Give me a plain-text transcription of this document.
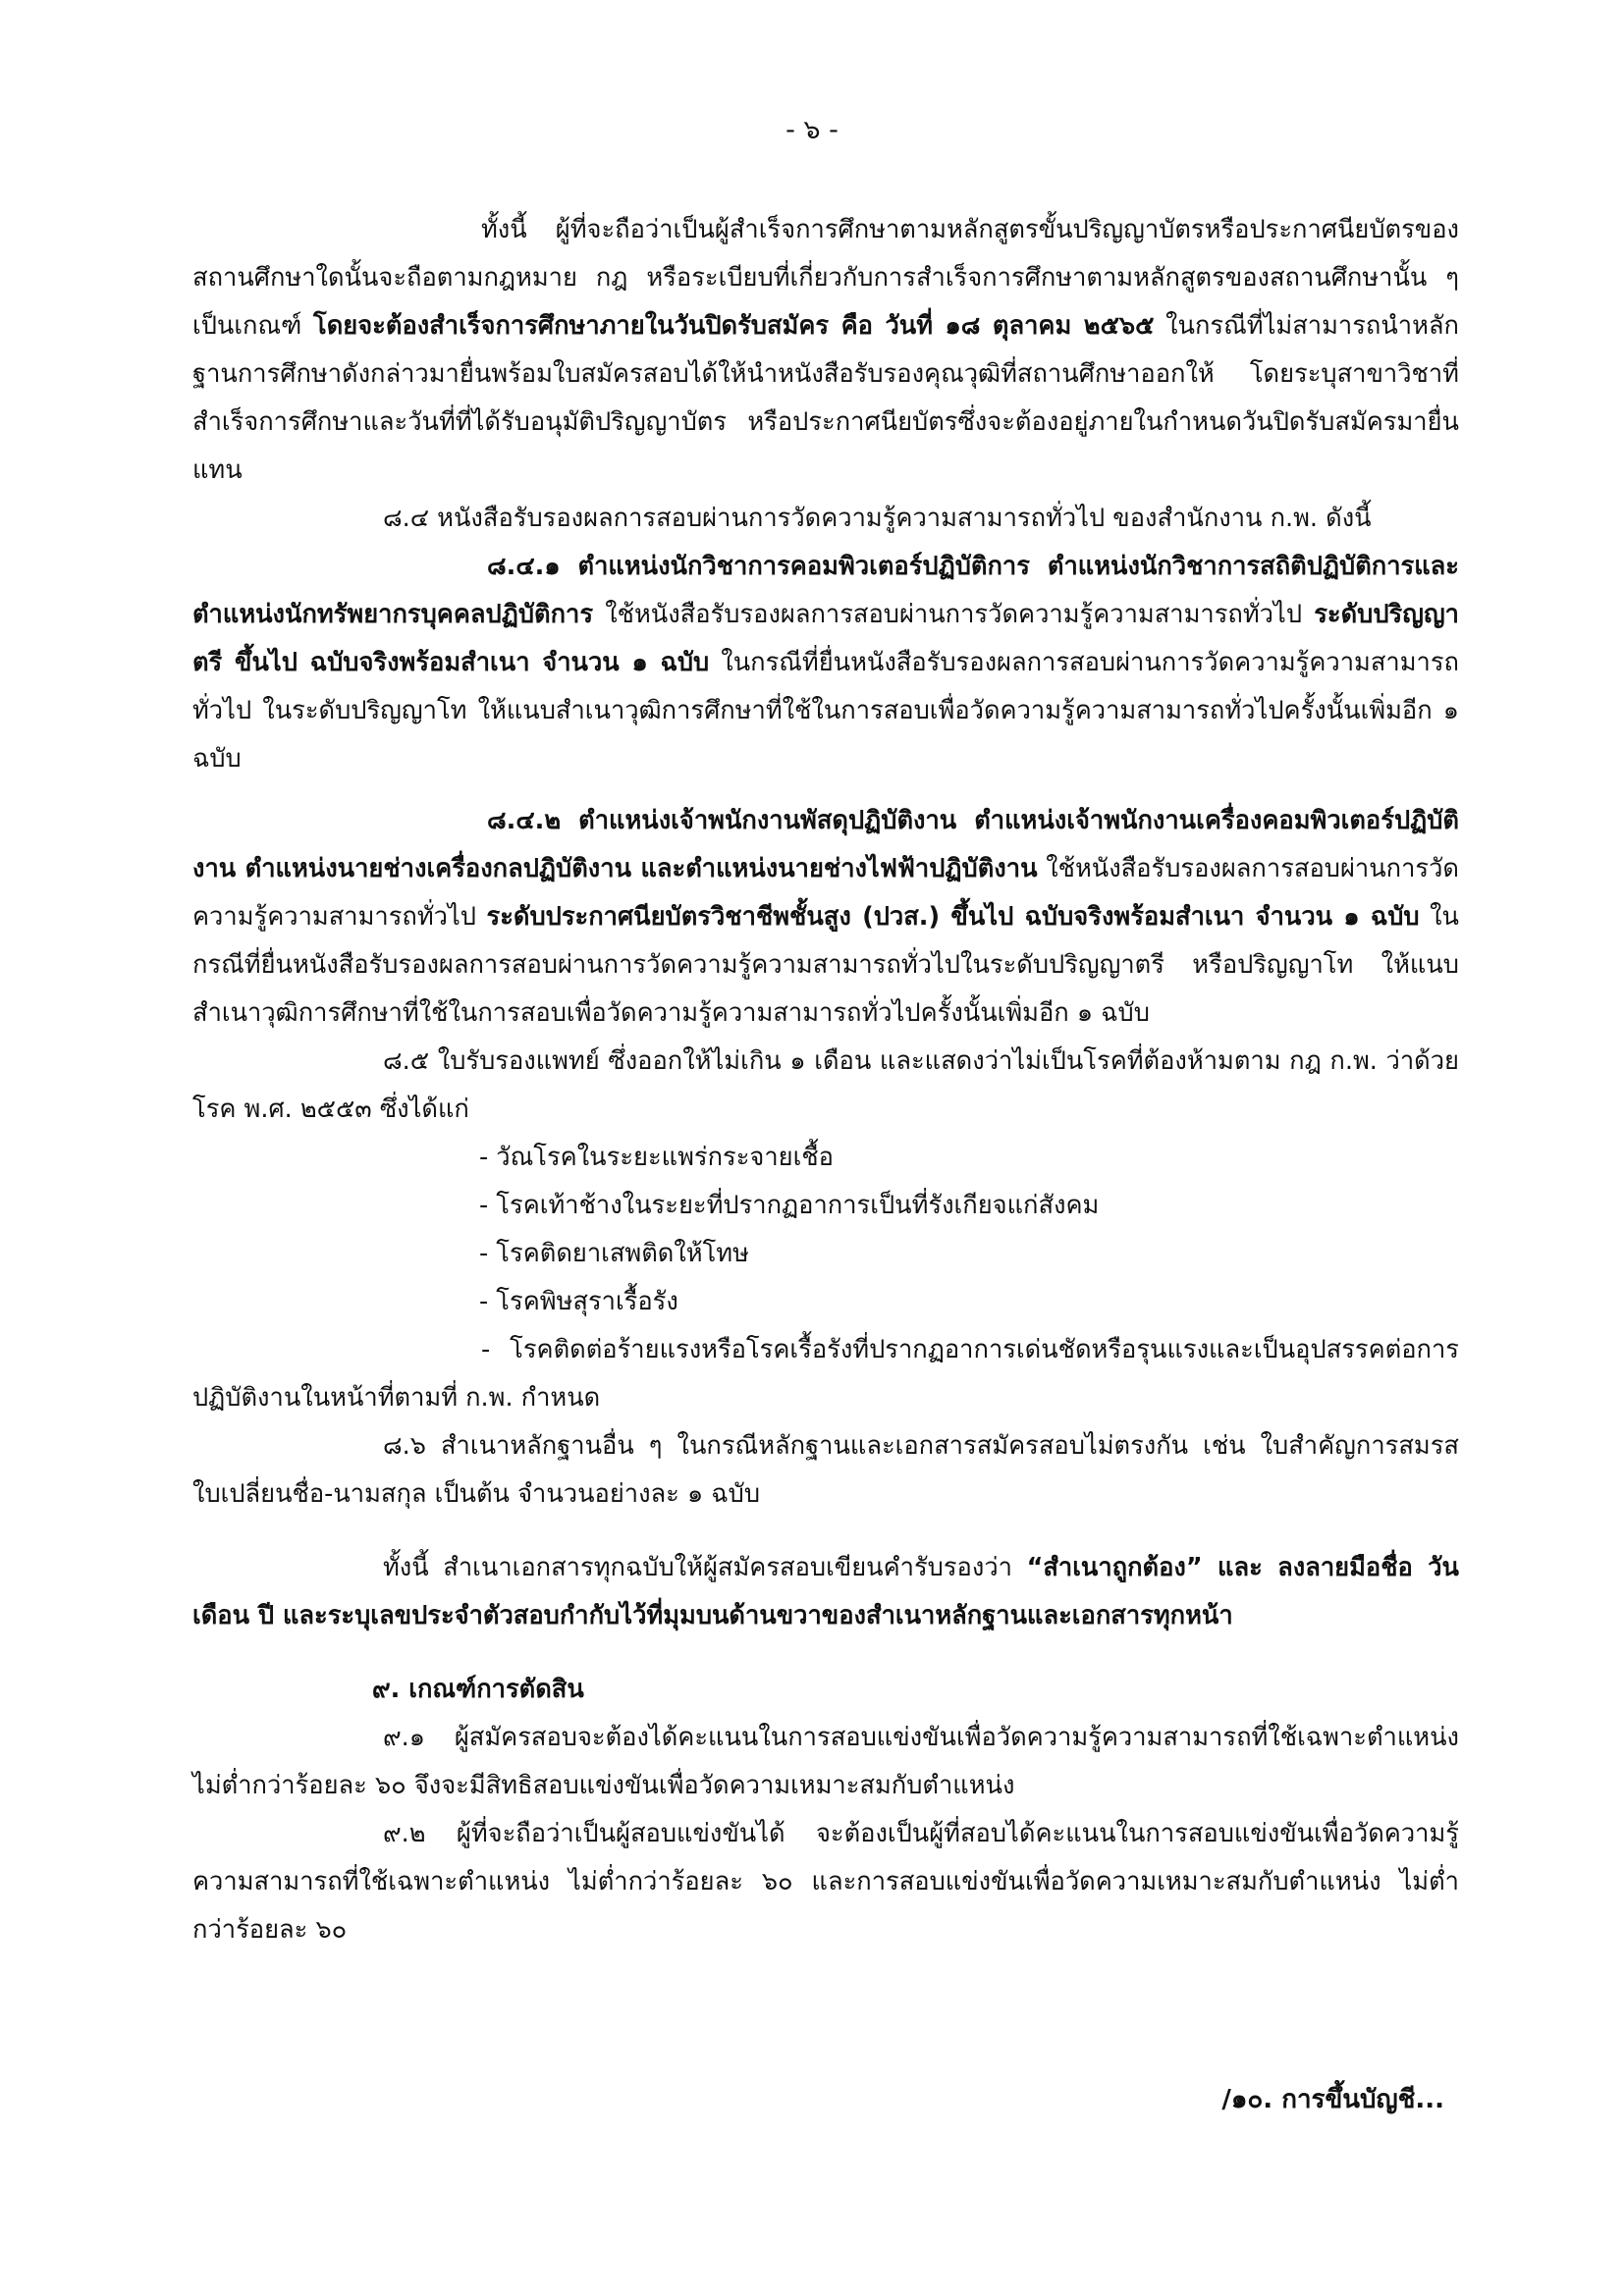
- ๖ -

ทั้งนี้ ผู้ที่จะถือว่าเป็นผู้สำเร็จการศึกษาตามหลักสูตรขั้นปริญญาบัตรหรือประกาศนียบัตรของสถานศึกษาใดนั้นจะถือตามกฎหมาย กฎ หรือระเบียบที่เกี่ยวกับการสำเร็จการศึกษาตามหลักสูตรของสถานศึกษานั้น ๆ เป็นเกณฑ์ โดยจะต้องสำเร็จการศึกษาภายในวันปิดรับสมัคร คือ วันที่ ๑๘ ตุลาคม ๒๕๖๕ ในกรณีที่ไม่สามารถนำหลักฐานการศึกษาดังกล่าวมายื่นพร้อมใบสมัครสอบได้ให้นำหนังสือรับรองคุณวุฒิที่สถานศึกษาออกให้ โดยระบุสาขาวิชาที่สำเร็จการศึกษาและวันที่ที่ได้รับอนุมัติปริญญาบัตร หรือประกาศนียบัตรซึ่งจะต้องอยู่ภายในกำหนดวันปิดรับสมัครมายื่นแทน

๘.๔ หนังสือรับรองผลการสอบผ่านการวัดความรู้ความสามารถทั่วไป ของสำนักงาน ก.พ. ดังนี้

๘.๔.๑ ตำแหน่งนักวิชาการคอมพิวเตอร์ปฏิบัติการ ตำแหน่งนักวิชาการสถิติปฏิบัติการและตำแหน่งนักทรัพยากรบุคคลปฏิบัติการ ใช้หนังสือรับรองผลการสอบผ่านการวัดความรู้ความสามารถทั่วไป ระดับปริญญาตรี ขึ้นไป ฉบับจริงพร้อมสำเนา จำนวน ๑ ฉบับ ในกรณีที่ยื่นหนังสือรับรองผลการสอบผ่านการวัดความรู้ความสามารถทั่วไป ในระดับปริญญาโท ให้แนบสำเนาวุฒิการศึกษาที่ใช้ในการสอบเพื่อวัดความรู้ความสามารถทั่วไปครั้งนั้นเพิ่มอีก ๑ ฉบับ

๘.๔.๒ ตำแหน่งเจ้าพนักงานพัสดุปฏิบัติงาน ตำแหน่งเจ้าพนักงานเครื่องคอมพิวเตอร์ปฏิบัติงาน ตำแหน่งนายช่างเครื่องกลปฏิบัติงาน และตำแหน่งนายช่างไฟฟ้าปฏิบัติงาน ใช้หนังสือรับรองผลการสอบผ่านการวัดความรู้ความสามารถทั่วไป ระดับประกาศนียบัตรวิชาชีพชั้นสูง (ปวส.) ขึ้นไป ฉบับจริงพร้อมสำเนา จำนวน ๑ ฉบับ ในกรณีที่ยื่นหนังสือรับรองผลการสอบผ่านการวัดความรู้ความสามารถทั่วไปในระดับปริญญาตรี หรือปริญญาโท ให้แนบสำเนาวุฒิการศึกษาที่ใช้ในการสอบเพื่อวัดความรู้ความสามารถทั่วไปครั้งนั้นเพิ่มอีก ๑ ฉบับ

๘.๕ ใบรับรองแพทย์ ซึ่งออกให้ไม่เกิน ๑ เดือน และแสดงว่าไม่เป็นโรคที่ต้องห้ามตาม กฎ ก.พ. ว่าด้วยโรค พ.ศ. ๒๕๕๓ ซึ่งได้แก่

- วัณโรคในระยะแพร่กระจายเชื้อ

- โรคเท้าช้างในระยะที่ปรากฏอาการเป็นที่รังเกียจแก่สังคม

- โรคติดยาเสพติดให้โทษ

- โรคพิษสุราเรื้อรัง

- โรคติดต่อร้ายแรงหรือโรคเรื้อรังที่ปรากฏอาการเด่นชัดหรือรุนแรงและเป็นอุปสรรคต่อการปฏิบัติงานในหน้าที่ตามที่ ก.พ. กำหนด

๘.๖ สำเนาหลักฐานอื่น ๆ ในกรณีหลักฐานและเอกสารสมัครสอบไม่ตรงกัน เช่น ใบสำคัญการสมรส ใบเปลี่ยนชื่อ-นามสกุล เป็นต้น จำนวนอย่างละ ๑ ฉบับ

ทั้งนี้ สำเนาเอกสารทุกฉบับให้ผู้สมัครสอบเขียนคำรับรองว่า “สำเนาถูกต้อง” และ ลงลายมือชื่อ วัน เดือน ปี และระบุเลขประจำตัวสอบกำกับไว้ที่มุมบนด้านขวาของสำเนาหลักฐานและเอกสารทุกหน้า

๙. เกณฑ์การตัดสิน

๙.๑ ผู้สมัครสอบจะต้องได้คะแนนในการสอบแข่งขันเพื่อวัดความรู้ความสามารถที่ใช้เฉพาะตำแหน่ง ไม่ต่ำกว่าร้อยละ ๖๐ จึงจะมีสิทธิสอบแข่งขันเพื่อวัดความเหมาะสมกับตำแหน่ง

๙.๒ ผู้ที่จะถือว่าเป็นผู้สอบแข่งขันได้ จะต้องเป็นผู้ที่สอบได้คะแนนในการสอบแข่งขันเพื่อวัดความรู้ความสามารถที่ใช้เฉพาะตำแหน่ง ไม่ต่ำกว่าร้อยละ ๖๐ และการสอบแข่งขันเพื่อวัดความเหมาะสมกับตำแหน่ง ไม่ต่ำกว่าร้อยละ ๖๐

/๑๐. การขึ้นบัญชี...
